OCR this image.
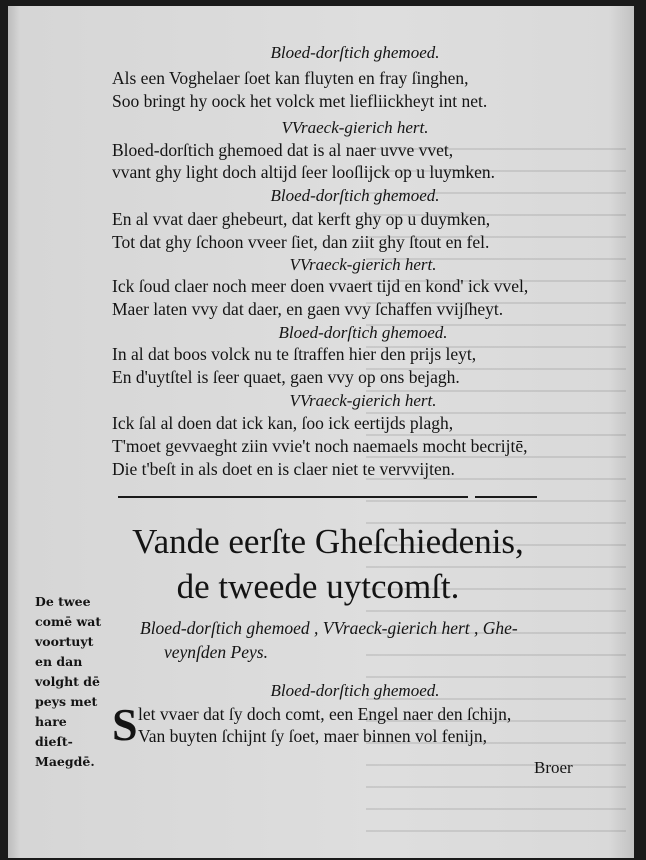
Bloed-dorſtich ghemoed.
Als een Voghelaer ſoet kan fluyten en fray ſinghen,
Soo bringt hy oock het volck met liefliickheyt int net.
VVraeck-gierich hert.
Bloed-dorſtich ghemoed dat is al naer uvve vvet,
vvant ghy light doch altijd ſeer looſlijck op u luymken.
Bloed-dorſtich ghemoed.
En al vvat daer ghebeurt, dat kerft ghy op u duymken,
Tot dat ghy ſchoon vveer ſiet, dan ziit ghy ſtout en fel.
VVraeck-gierich hert.
Ick ſoud claer noch meer doen vvaert tijd en kond' ick vvel,
Maer laten vvy dat daer, en gaen vvy ſchaffen vvijſheyt.
Bloed-dorſtich ghemoed.
In al dat boos volck nu te ſtraffen hier den prijs leyt,
En d'uytſtel is ſeer quaet, gaen vvy op ons bejagh.
VVraeck-gierich hert.
Ick ſal al doen dat ick kan, ſoo ick eertijds plagh,
T'moet gevvaeght ziin vvie't noch naemaels mocht becrijtē,
Die t'beſt in als doet en is claer niet te vervvijten.
Vande eerſte Gheſchiedenis,
de tweede uytcomſt.
De twee
comē wat
voortuyt
en dan
volght dē
peys met
hare dieſt-
Maegdē.
Bloed-dorſtich ghemoed , VVraeck-gierich hert , Ghe-
veynſden Peys.
Bloed-dorſtich ghemoed.
S let vvaer dat ſy doch comt, een Engel naer den ſchijn,
Van buyten ſchijnt ſy ſoet, maer binnen vol fenijn,
Broer
